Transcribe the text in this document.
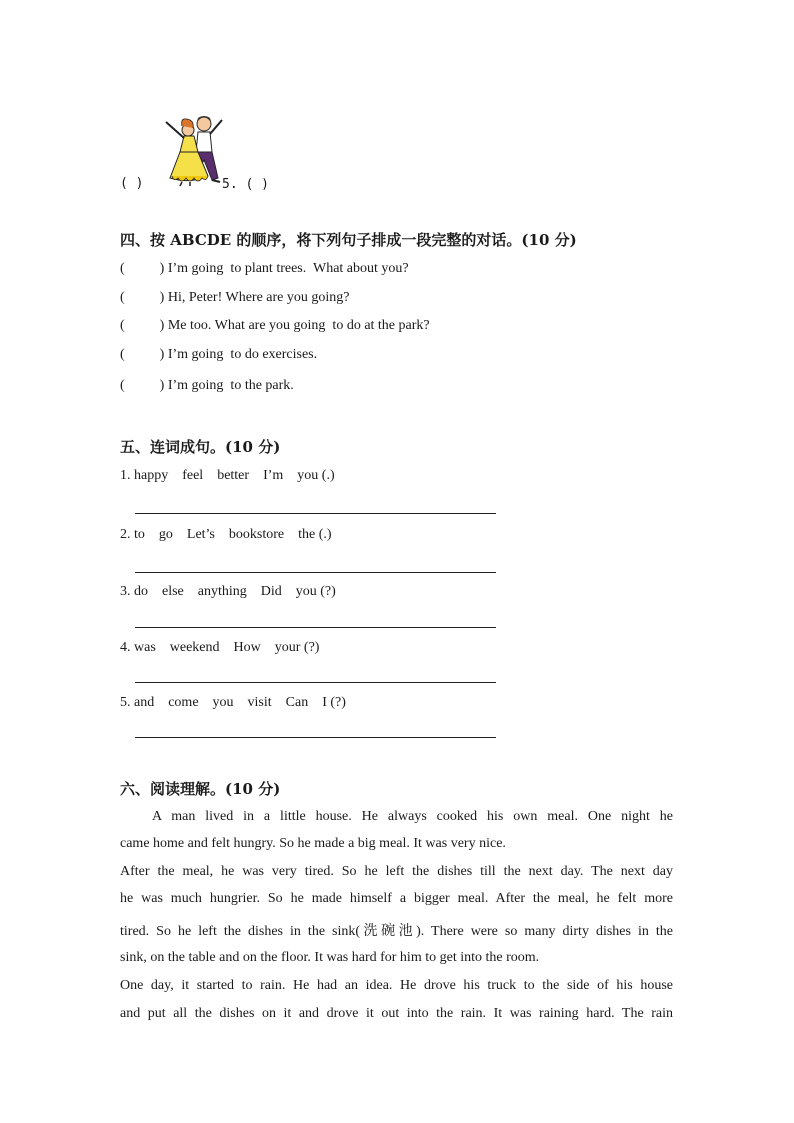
( )	5. ( )
四、按 ABCDE 的顺序，将下列句子排成一段完整的对话。(10 分)
(          ) I’m going  to plant trees.  What about you?
(          ) Hi, Peter! Where are you going?
(          ) Me too. What are you going  to do at the park?
(          ) I’m going  to do exercises.
(          ) I’m going  to the park.
五、连词成句。(10 分)
1. happy    feel    better    I’m    you (.)
2. to    go    Let’s    bookstore    the (.)
3. do    else    anything    Did    you (?)
4. was    weekend    How    your (?)
5. and    come    you    visit    Can    I (?)
六、阅读理解。(10 分)
A man lived in a little house. He always cooked his own meal. One night he
came home and felt hungry. So he made a big meal. It was very nice.
After the meal, he was very tired. So he left the dishes till the next day. The next day
he was much hungrier. So he made himself a bigger meal. After the meal, he felt more
tired. So he left the dishes in the sink(洗碗池). There were so many dirty dishes in the
sink, on the table and on the floor. It was hard for him to get into the room.
One day, it started to rain. He had an idea. He drove his truck to the side of his house
and put all the dishes on it and drove it out into the rain. It was raining hard. The rain
